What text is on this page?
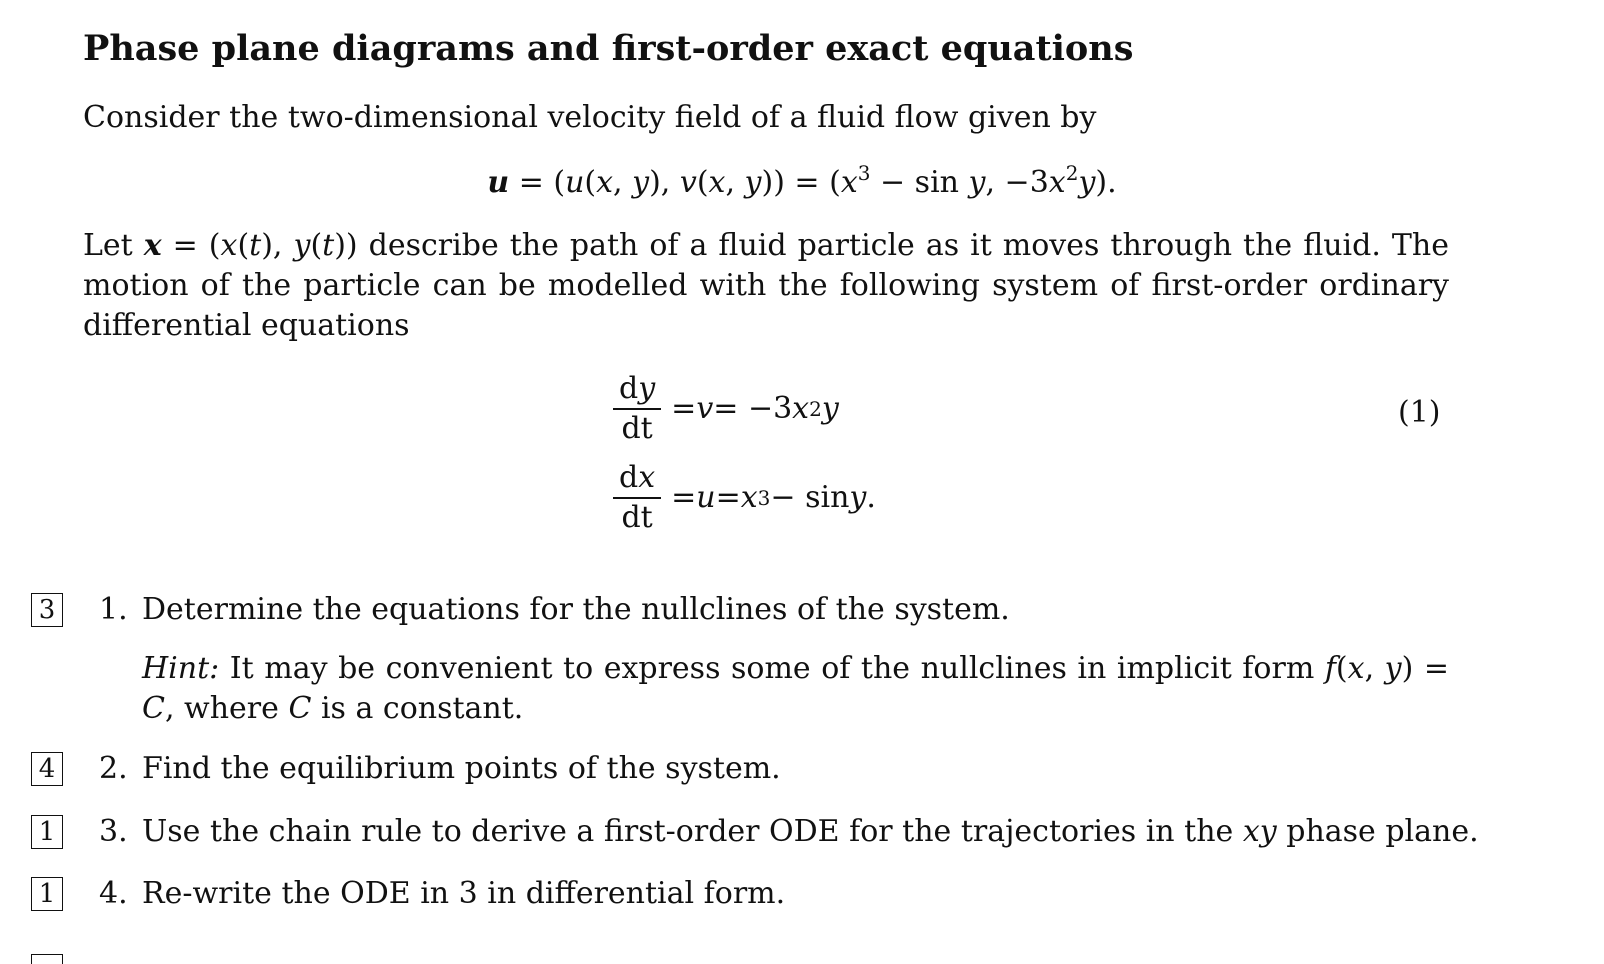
Phase plane diagrams and first-order exact equations
Consider the two-dimensional velocity field of a fluid flow given by
u = (u(x, y), v(x, $y)) = (x^3 - \sin y$, $-3x^2y$).
Let x = (x(t), y(t)) describe the path of a fluid particle as it moves through the fluid. The motion of the particle can be modelled with the following system of first-order ordinary differential equations
$\frac{dy}{dt} = v = -3$ x 2 y	(1)
$\frac{dx}{dt} = u = x$ 3 − sin y .
3 1. Determine the equations for the nullclines of the system.
Hint: It may be convenient to express some of the nullclines in implicit form f(x, y) = C, where C is a constant.
4 2. Find the equilibrium points of the system.
1 3. Use the chain rule to derive a first-order ODE for the trajectories in the xy phase plane.
1 4. Re-write the ODE in 3 in differential form.
